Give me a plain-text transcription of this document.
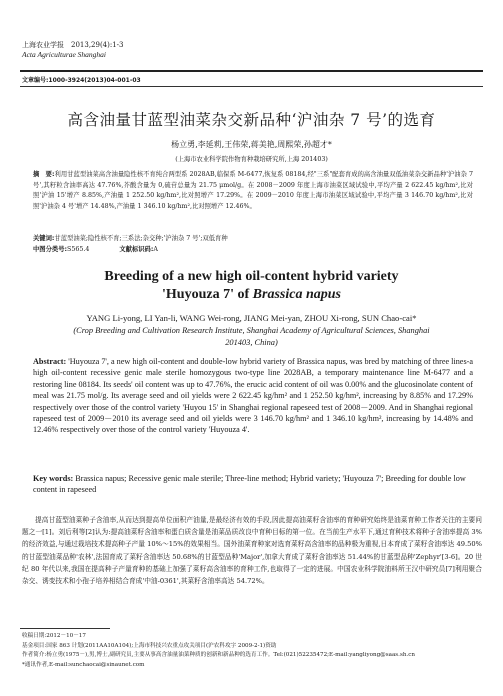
上海农业学报　2013,29(4):1-3
Acta Agriculturae Shanghai
文章编号:1000-3924(2013)04-001-03
高含油量甘蓝型油菜杂交新品种‘沪油杂 7 号’的选育
杨立勇,李延莉,王伟荣,蒋美艳,周熙荣,孙超才*
(上海市农业科学院作物育种栽培研究所,上海 201403)
摘　要:利用甘蓝型油菜高含油量隐性核不育纯合两型系 2028AB,临保系 M-6477,恢复系 08184,经"三系"配套育成的高含油量双低油菜杂交新品种'沪油杂 7 号',其籽粒含油率高达 47.76%,芥酸含量为 0,硫苷总量为 21.75 μmol/g。在 2008－2009 年度上海市油菜区域试验中,平均产量 2 622.45 kg/hm²,比对照'沪油 15'增产 8.85%,产油量 1 252.50 kg/hm²,比对照增产 17.29%。在 2009－2010 年度上海市油菜区域试验中,平均产量 3 146.70 kg/hm²,比对照'沪油杂 4 号'增产 14.48%,产油量 1 346.10 kg/hm²,比对照增产 12.46%。
关键词:甘蓝型油菜;隐性核不育;三系法;杂交种;'沪油杂 7 号';双低育种
中图分类号:S565.4	文献标识码:A
Breeding of a new high oil-content hybrid variety
'Huyouza 7' of Brassica napus
YANG Li-yong, LI Yan-li, WANG Wei-rong, JIANG Mei-yan, ZHOU Xi-rong, SUN Chao-cai*
(Crop Breeding and Cultivation Research Institute, Shanghai Academy of Agricultural Sciences, Shanghai 201403, China)
Abstract: 'Huyouza 7', a new high oil-content and double-low hybrid variety of Brassica napus, was bred by matching of three lines-a high oil-content recessive genic male sterile homozygous two-type line 2028AB, a temporary maintenance line M-6477 and a restoring line 08184. Its seeds' oil content was up to 47.76%, the erucic acid content of oil was 0.00% and the glucosinolate content of meal was 21.75 mol/g. Its average seed and oil yields were 2 622.45 kg/hm² and 1 252.50 kg/hm², increasing by 8.85% and 17.29% respectively over those of the control variety 'Huyou 15' in Shanghai regional rapeseed test of 2008－2009. And in Shanghai regional rapeseed test of 2009－2010 its average seed and oil yields were 3 146.70 kg/hm² and 1 346.10 kg/hm², increasing by 14.48% and 12.46% respectively over those of the control variety 'Huyouza 4'.
Key words: Brassica napus; Recessive genic male sterile; Three-line method; Hybrid variety; 'Huyouza 7'; Breeding for double low content in rapeseed
提高甘蓝型油菜种子含油率,从而达到提高单位面积产油量,是最经济有效的手段,因此提高油菜籽含油率的育种研究始终是油菜育种工作者关注的主要问题之一[1]。刘后利等[2]认为:提高油菜籽含油率和蛋白质含量是油菜品质改良中育种目标的第一位。在当前生产水平下,通过育种技术将种子含油率提高 3%的经济效益,与通过栽培技术提高种子产量 10%～15%的效果相当。国外油菜育种家对选育菜籽高含油率的品种极为重视,日本育成了菜籽含油率达 49.50%的甘蓝型油菜品种'农林',法国育成了菜籽含油率达 50.68%的甘蓝型品种'Major',加拿大育成了菜籽含油率达 51.44%的甘蓝型品种'Zephyr'[3-6]。20 世纪 80 年代以来,我国在提高种子产量育种的基础上加强了菜籽高含油率的育种工作,也取得了一定的进展。中国农业科学院油料所王汉中研究员[7]利用聚合杂交、诱变技术和小孢子培养相结合育成'中油-0361',其菜籽含油率高达 54.72%。

收稿日期:2012－10－17

基金项目:国家 863 计划(2011AA10A104);上海市科技兴农重点攻关项目(沪农科攻字 2009-2-1)资助

作者简介:杨立勇(1975－),男,博士,副研究员,主要从事高含油量油菜种质的创新和新品种的选育工作。Tel:(021)52235472;E-mail:yangliyong@saas.sh.cn

*通讯作者,E-mail:sunchaocai@sinaunet.com
